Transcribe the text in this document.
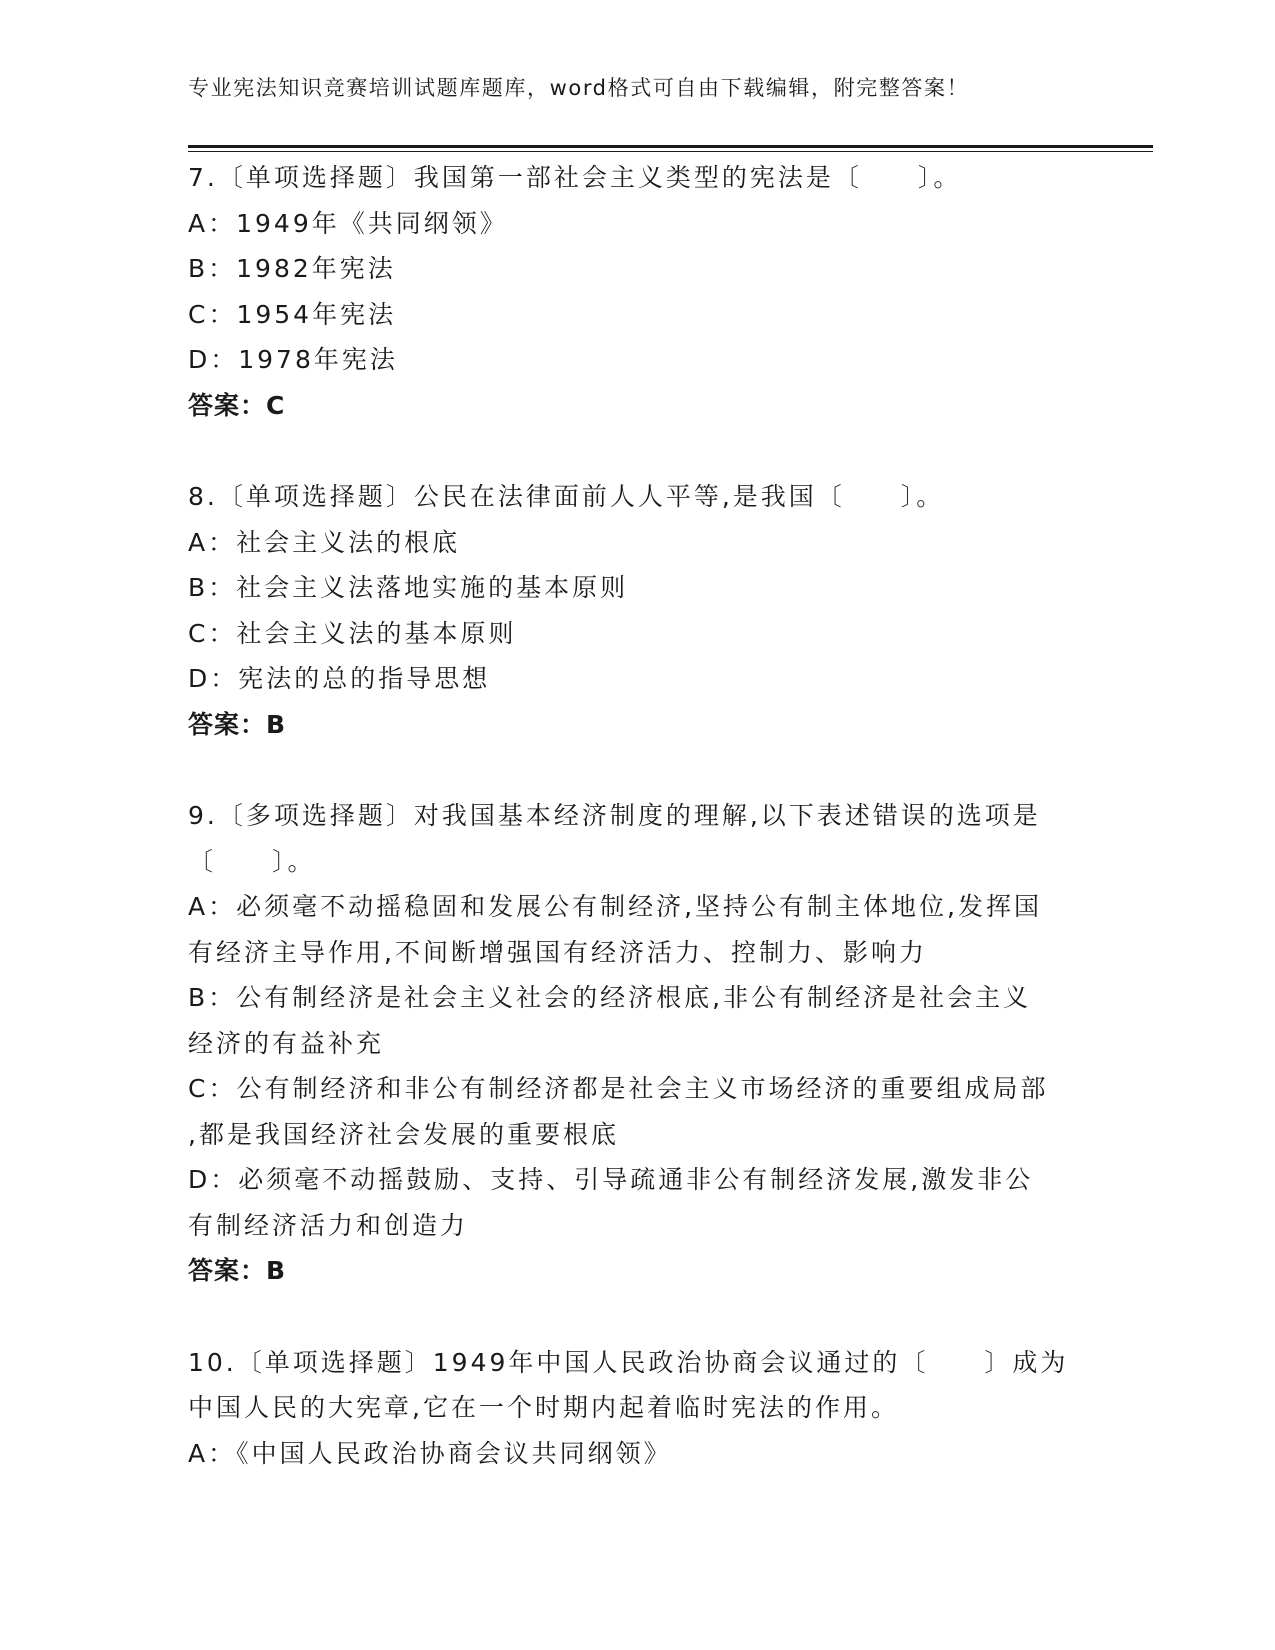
专业宪法知识竞赛培训试题库题库，word格式可自由下载编辑，附完整答案！
7.〔单项选择题〕我国第一部社会主义类型的宪法是〔　　〕。
A：1949年《共同纲领》
B：1982年宪法
C：1954年宪法
D：1978年宪法
答案：C
8.〔单项选择题〕公民在法律面前人人平等,是我国〔　　〕。
A：社会主义法的根底
B：社会主义法落地实施的基本原则
C：社会主义法的基本原则
D：宪法的总的指导思想
答案：B
9.〔多项选择题〕对我国基本经济制度的理解,以下表述错误的选项是
〔　　〕。
A：必须毫不动摇稳固和发展公有制经济,坚持公有制主体地位,发挥国
有经济主导作用,不间断增强国有经济活力、控制力、影响力
B：公有制经济是社会主义社会的经济根底,非公有制经济是社会主义
经济的有益补充
C：公有制经济和非公有制经济都是社会主义市场经济的重要组成局部
,都是我国经济社会发展的重要根底
D：必须毫不动摇鼓励、支持、引导疏通非公有制经济发展,激发非公
有制经济活力和创造力
答案：B
10.〔单项选择题〕1949年中国人民政治协商会议通过的〔　　〕成为
中国人民的大宪章,它在一个时期内起着临时宪法的作用。
A：《中国人民政治协商会议共同纲领》
